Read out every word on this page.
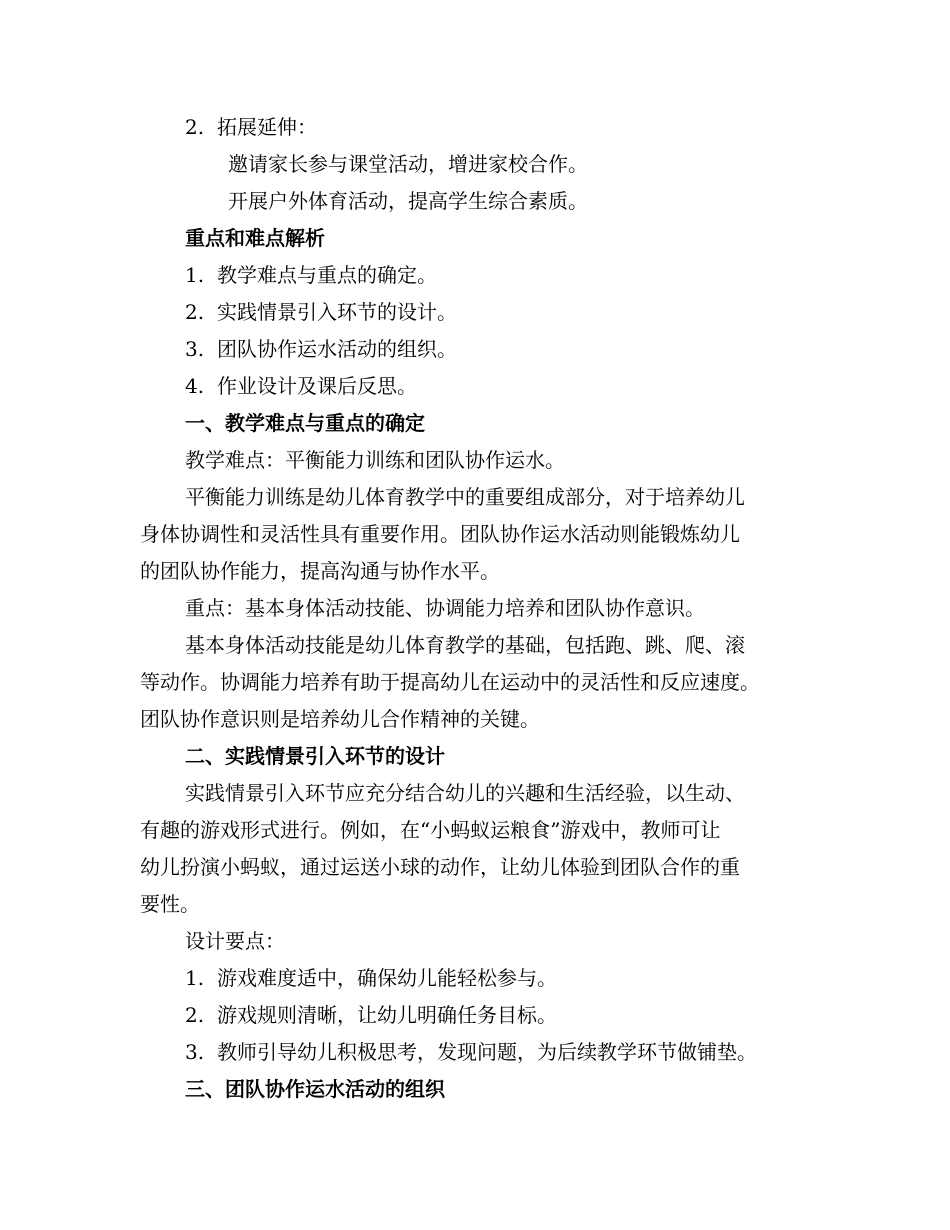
2. 拓展延伸：
邀请家长参与课堂活动，增进家校合作。
开展户外体育活动，提高学生综合素质。
重点和难点解析
1. 教学难点与重点的确定。
2. 实践情景引入环节的设计。
3. 团队协作运水活动的组织。
4. 作业设计及课后反思。
一、教学难点与重点的确定
教学难点：平衡能力训练和团队协作运水。
平衡能力训练是幼儿体育教学中的重要组成部分，对于培养幼儿
身体协调性和灵活性具有重要作用。团队协作运水活动则能锻炼幼儿
的团队协作能力，提高沟通与协作水平。
重点：基本身体活动技能、协调能力培养和团队协作意识。
基本身体活动技能是幼儿体育教学的基础，包括跑、跳、爬、滚
等动作。协调能力培养有助于提高幼儿在运动中的灵活性和反应速度。
团队协作意识则是培养幼儿合作精神的关键。
二、实践情景引入环节的设计
实践情景引入环节应充分结合幼儿的兴趣和生活经验，以生动、
有趣的游戏形式进行。例如，在“小蚂蚁运粮食”游戏中，教师可让
幼儿扮演小蚂蚁，通过运送小球的动作，让幼儿体验到团队合作的重
要性。
设计要点：
1. 游戏难度适中，确保幼儿能轻松参与。
2. 游戏规则清晰，让幼儿明确任务目标。
3. 教师引导幼儿积极思考，发现问题，为后续教学环节做铺垫。
三、团队协作运水活动的组织
